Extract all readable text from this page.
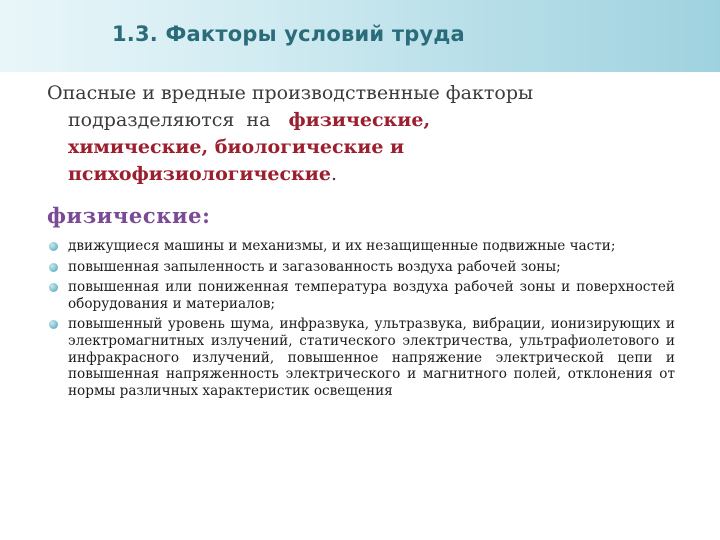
1.3. Факторы условий труда
Опасные и вредные производственные факторы
подразделяются  на   физические,
химические, биологические и
психофизиологические.
физические:
движущиеся машины и механизмы, и их незащищенные подвижные части;
повышенная запыленность и загазованность воздуха рабочей зоны;
повышенная или пониженная температура воздуха рабочей зоны и поверхностей оборудования и материалов;
повышенный уровень шума, инфразвука, ультразвука, вибрации, ионизирующих и электромагнитных излучений, статического электричества, ультрафиолетового и инфракрасного излучений, повышенное напряжение электрической цепи и повышенная напряженность электрического и магнитного полей, отклонения от нормы различных характеристик освещения
